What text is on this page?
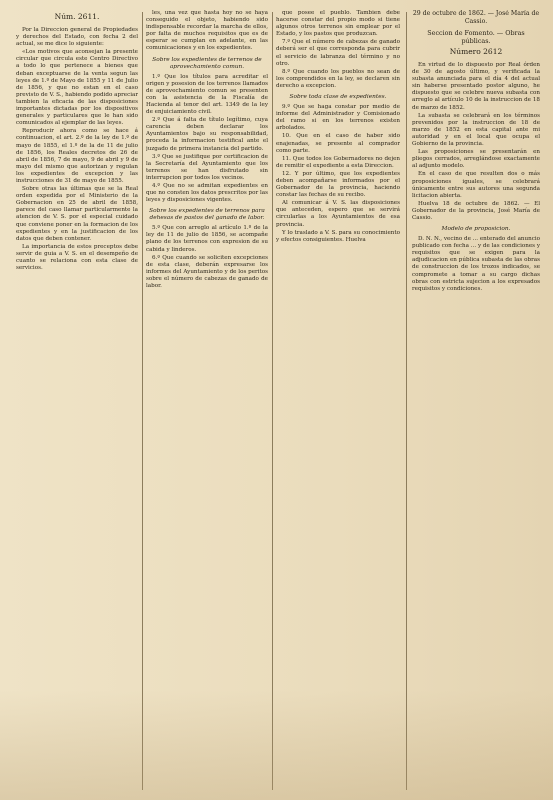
Núm. 2611.
Por la Direccion general de Propiedades y derechos del Estado, con fecha 2 del actual, se me dice lo siguiente:
«Los motivos que aconsejan la presente circular que circula este Centro Directivo a todo lo que pertenece a bienes que deban exceptuarse de la venta segun las leyes de 1.º de Mayo de 1855 y 11 de Julio de 1856, y que no estan en el caso previsto de V. S., habiendo podido apreciar tambien la eficacia de las disposiciones importantes dictadas por los dispositivos generales y particulares que le han sido comunicados al ejemplar de las leyes.
Reproducir ahora como se hace á continuacion, el art. 2.º de la ley de 1.º de mayo de 1855, el 1.º de la de 11 de julio de 1856, los Reales decretos de 26 de abril de 1856, 7 de mayo, 9 de abril y 9 de mayo del mismo que autorizan y regulan los expedientes de excepcion y las instrucciones de 31 de mayo de 1855.
Sobre otras las últimas que se la Real orden expedida por el Ministerio de la Gobernacion en 25 de abril de 1858, parece del caso llamar particularmente la atencion de V. S. por el especial cuidado que conviene poner en la formacion de los expedientes y en la justificacion de los datos que deben contener.
La importancia de estos preceptos debe servir de guia a V. S. en el desempeño de cuanto se relaciona con esta clase de servicios.
les, una vez que hasta hoy no se haya conseguido el objeto, habiendo sido indispensable recordar la marcha de ellos, por falta de muchos requisitos que es de esperar se cumplan en adelante, en las comunicaciones y en los expedientes.
Sobre los expedientes de terrenos de aprovechamiento comun.
1.º Que los títulos para acreditar el origen y posesion de los terrenos llamados de aprovechamiento comun se presenten con la asistencia de la Fiscalía de Hacienda al tenor del art. 1349 de la ley de enjuiciamiento civil.
2.º Que á falta de título legítimo, cuya carencia deben declarar los Ayuntamientos bajo su responsabilidad, proceda la informacion testifical ante el juzgado de primera instancia del partido.
3.º Que se justifique por certificacion de la Secretaría del Ayuntamiento que los terrenos se han disfrutado sin interrupcion por todos los vecinos.
4.º Que no se admitan expedientes en que no consten los datos prescritos por las leyes y disposiciones vigentes.
Sobre los expedientes de terrenos para dehesas de pastos del ganado de labor.
5.º Que con arreglo al artículo 1.º de la ley de 11 de julio de 1856, se acompañe plano de los terrenos con expresion de su cabida y linderos.
6.º Que cuando se soliciten excepciones de esta clase, deberán expresarse los informes del Ayuntamiento y de los peritos sobre el número de cabezas de ganado de labor.
que posee el pueblo. Tambien debe hacerse constar del propio modo si tiene algunos otros terrenos sin emplear por el Estado, y los pastos que produzcan.
7.º Que el número de cabezas de ganado deberá ser el que corresponda para cubrir el servicio de labranza del término y no otro.
8.º Que cuando los pueblos no sean de los comprendidos en la ley, se declaren sin derecho a excepcion.
Sobre toda clase de expedientes.
9.º Que se haga constar por medio de informe del Administrador y Comisionado del ramo si en los terrenos existen arbolados.
10. Que en el caso de haber sido enajenadas, se presente al comprador como parte.
11. Que todos los Gobernadores no dejen de remitir el expediente a esta Direccion.
12. Y por último, que los expedientes deben acompañarse informados por el Gobernador de la provincia, haciendo constar las fechas de su recibo.
Al comunicar á V. S. las disposiciones que anteceden, espero que se servirá circularlas a los Ayuntamientos de esa provincia.
Y lo traslado a V. S. para su conocimiento y efectos consiguientes. Huelva
29 de octubre de 1862. — José María de Cassio.
Seccion de Fomento. — Obras públicas.
Número 2612
En virtud de lo dispuesto por Real órden de 30 de agosto último, y verificada la subasta anunciada para el día 4 del actual sin haberse presentado postor alguno, he dispuesto que se celebre nueva subasta con arreglo al artículo 10 de la instruccion de 18 de marzo de 1852.
La subasta se celebrará en los términos prevenidos por la instruccion de 18 de marzo de 1852 en esta capital ante mi autoridad y en el local que ocupa el Gobierno de la provincia.
Las proposiciones se presentarán en pliegos cerrados, arreglándose exactamente al adjunto modelo.
En el caso de que resulten dos o más proposiciones iguales, se celebrará únicamente entre sus autores una segunda licitacion abierta.
Huelva 18 de octubre de 1862. — El Gobernador de la provincia, José María de Cassio.
Modelo de proposicion.
D. N. N., vecino de ... enterado del anuncio publicado con fecha ... y de las condiciones y requisitos que se exigen para la adjudicacion en pública subasta de las obras de construccion de los trozos indicados, se compromete a tomar a su cargo dichas obras con estricta sujecion a los expresados requisitos y condiciones.
